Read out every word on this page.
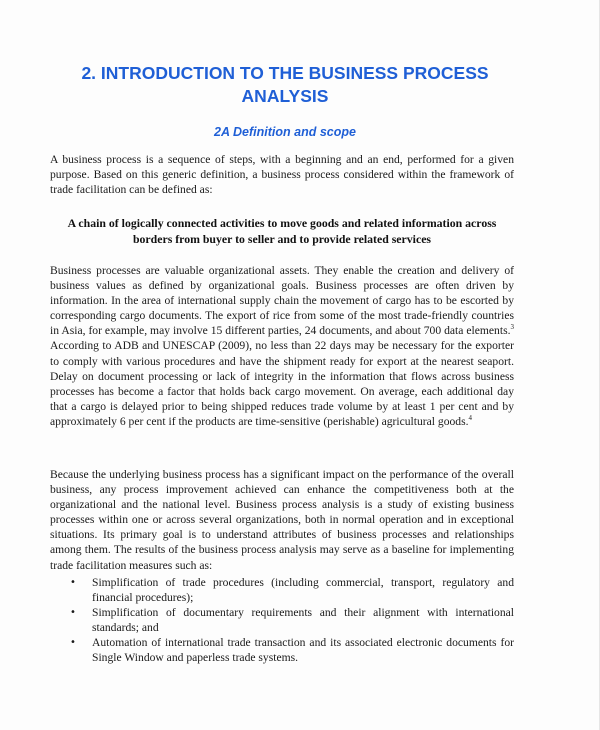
2. INTRODUCTION TO THE BUSINESS PROCESS ANALYSIS
2A Definition and scope

A business process is a sequence of steps, with a beginning and an end, performed for a given purpose. Based on this generic definition, a business process considered within the framework of trade facilitation can be defined as:

A chain of logically connected activities to move goods and related information across borders from buyer to seller and to provide related services

Business processes are valuable organizational assets. They enable the creation and delivery of business values as defined by organizational goals. Business processes are often driven by information. In the area of international supply chain the movement of cargo has to be escorted by corresponding cargo documents. The export of rice from some of the most trade-friendly countries in Asia, for example, may involve 15 different parties, 24 documents, and about 700 data elements.$^3$ According to ADB and UNESCAP (2009), no less than 22 days may be necessary for the exporter to comply with various procedures and have the shipment ready for export at the nearest seaport. Delay on document processing or lack of integrity in the information that flows across business processes has become a factor that holds back cargo movement. On average, each additional day that a cargo is delayed prior to being shipped reduces trade volume by at least 1 per cent and by approximately 6 per cent if the products are time-sensitive (perishable) agricultural goods.$^4$

Because the underlying business process has a significant impact on the performance of the overall business, any process improvement achieved can enhance the competitiveness both at the organizational and the national level. Business process analysis is a study of existing business processes within one or across several organizations, both in normal operation and in exceptional situations. Its primary goal is to understand attributes of business processes and relationships among them. The results of the business process analysis may serve as a baseline for implementing trade facilitation measures such as:

• Simplification of trade procedures (including commercial, transport, regulatory and financial procedures);
• Simplification of documentary requirements and their alignment with international standards; and
• Automation of international trade transaction and its associated electronic documents for Single Window and paperless trade systems.
